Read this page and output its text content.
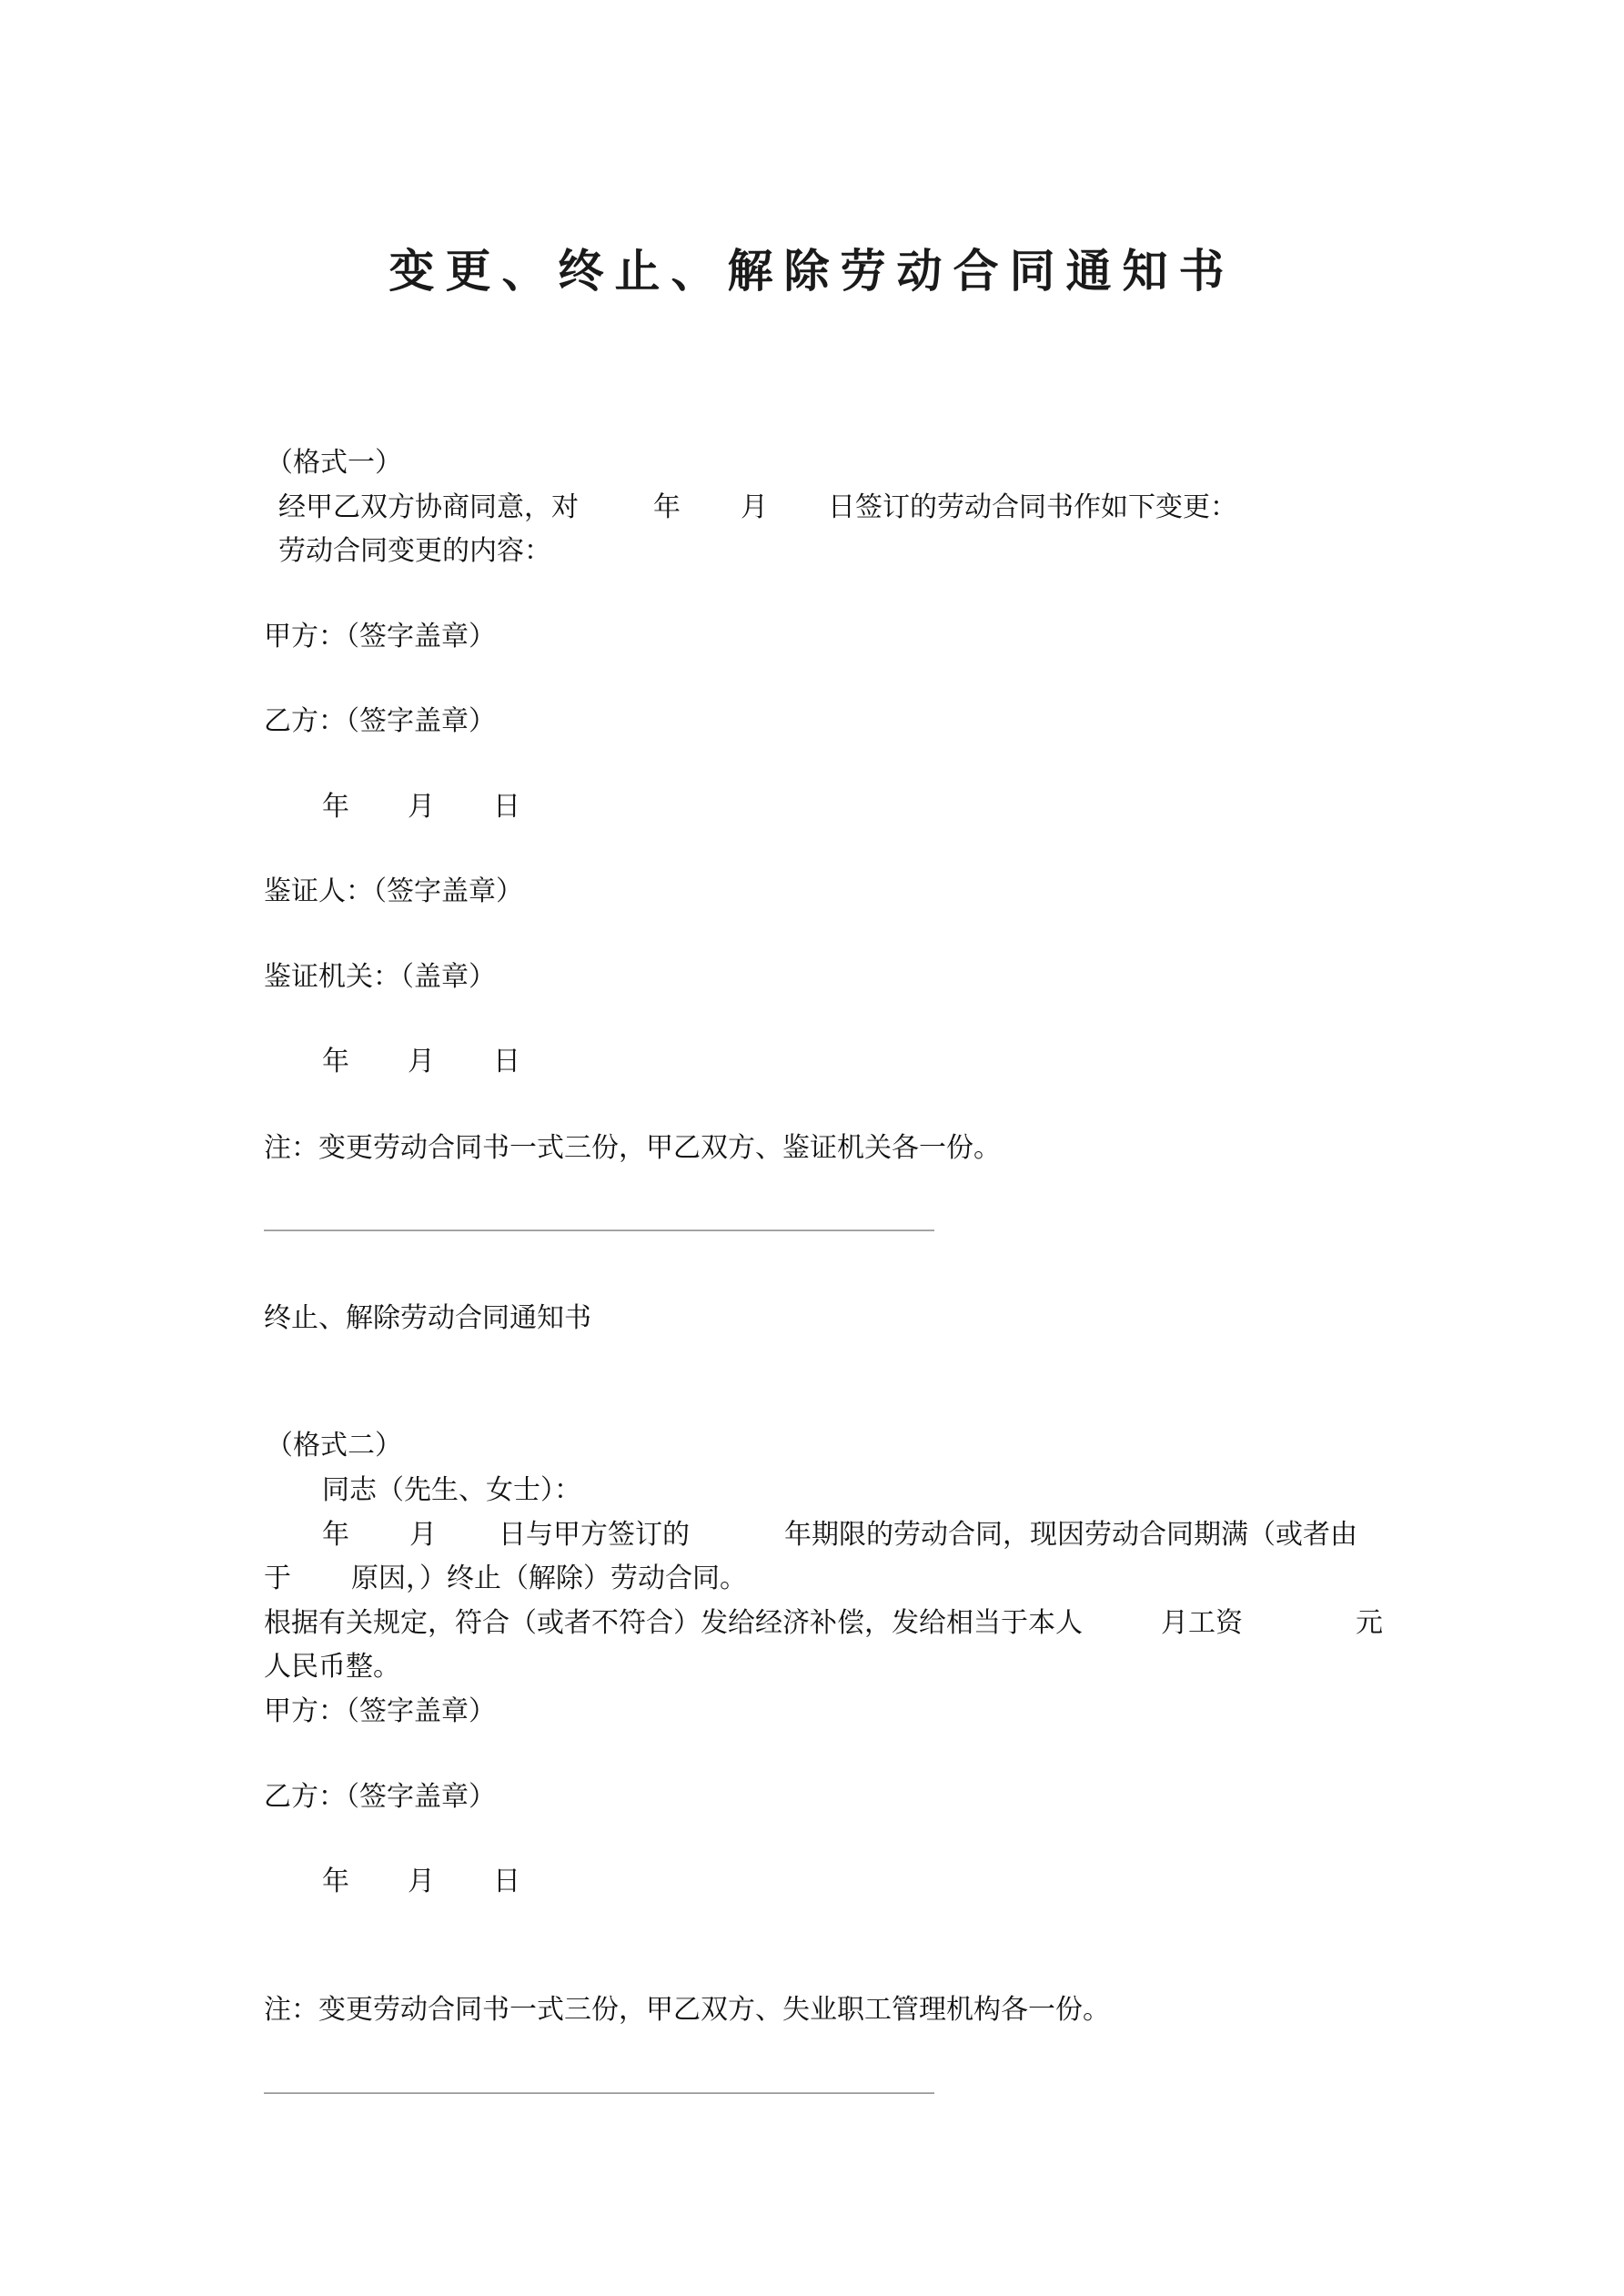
变更、终止、解除劳动合同通知书
（格式一）
经甲乙双方协商同意，对	年 月 日签订的劳动合同书作如下变更：
劳动合同变更的内容：
甲方：（签字盖章）
乙方：（签字盖章）
年 月 日
鉴证人：（签字盖章）
鉴证机关：（盖章）
年 月 日
注：变更劳动合同书一式三份，甲乙双方、鉴证机关各一份。
___________________________________________________________________
终止、解除劳动合同通知书
（格式二）
同志（先生、女士）：
年 月 日与甲方签订的	年期限的劳动合同，现因劳动合同期满（或者由
于 原因，）终止（解除）劳动合同。
根据有关规定，符合（或者不符合）发给经济补偿，发给相当于本人	月工资	元
人民币整。
甲方：（签字盖章）
乙方：（签字盖章）
年 月 日
注：变更劳动合同书一式三份，甲乙双方、失业职工管理机构各一份。
___________________________________________________________________
